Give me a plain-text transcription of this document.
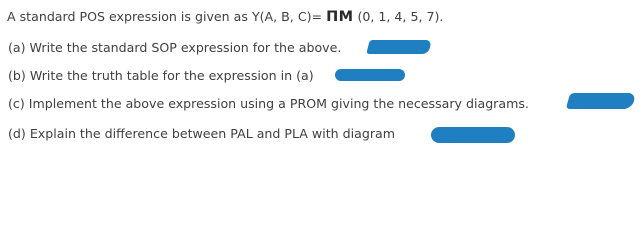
A standard POS expression is given as Y(A, B, C)= ΠM (0, 1, 4, 5, 7).
(a) Write the standard SOP expression for the above.
(b) Write the truth table for the expression in (a)
(c) Implement the above expression using a PROM giving the necessary diagrams.
(d) Explain the difference between PAL and PLA with diagram
